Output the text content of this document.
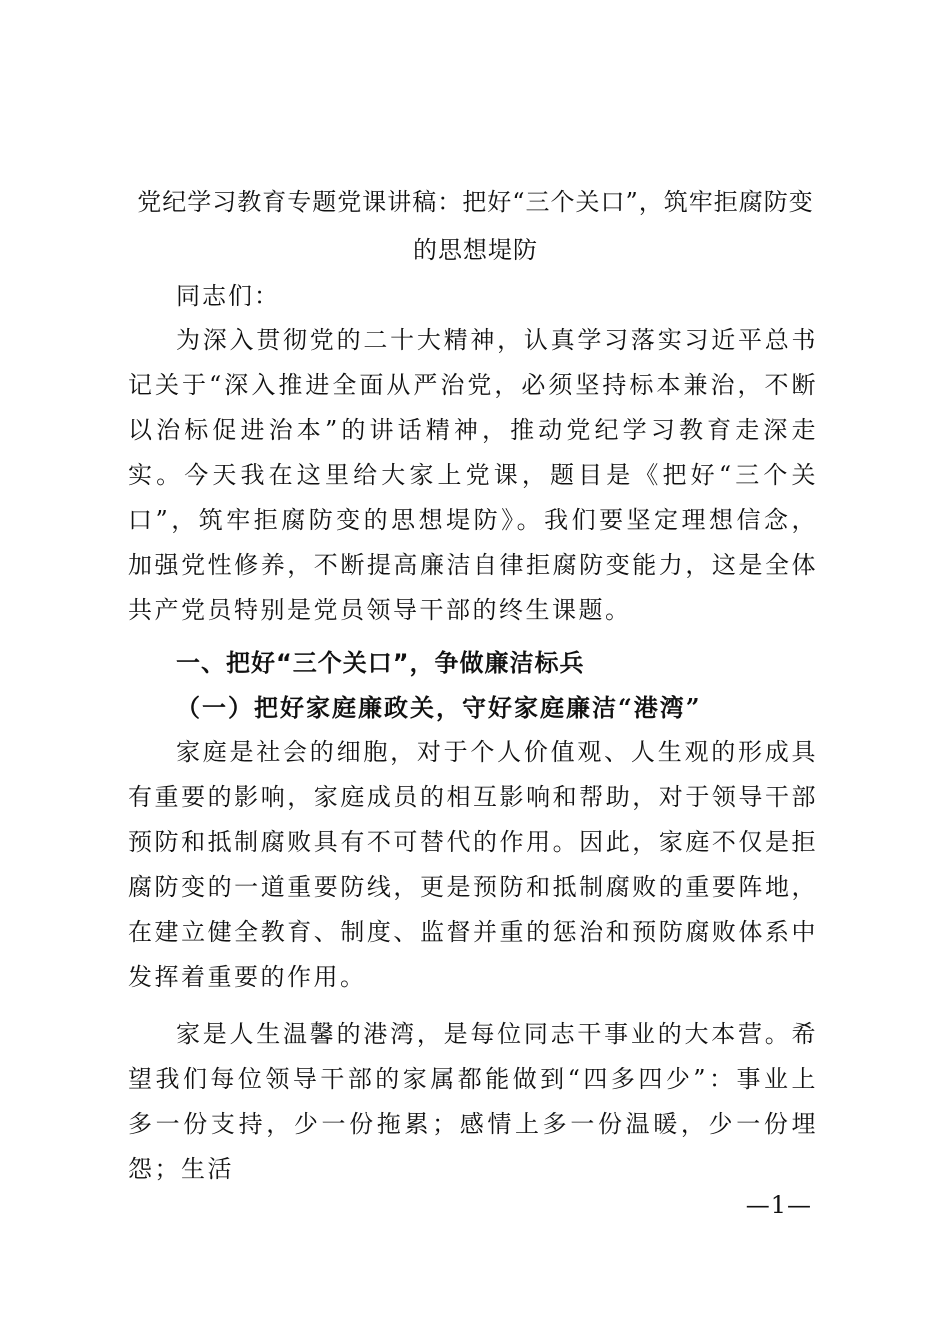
党纪学习教育专题党课讲稿：把好“三个关口”，筑牢拒腐防变的思想堤防
同志们：
为深入贯彻党的二十大精神，认真学习落实习近平总书记关于“深入推进全面从严治党，必须坚持标本兼治，不断以治标促进治本”的讲话精神，推动党纪学习教育走深走实。今天我在这里给大家上党课，题目是《把好“三个关口”，筑牢拒腐防变的思想堤防》。我们要坚定理想信念，加强党性修养，不断提高廉洁自律拒腐防变能力，这是全体共产党员特别是党员领导干部的终生课题。
一、把好“三个关口”，争做廉洁标兵
（一）把好家庭廉政关，守好家庭廉洁“港湾”
家庭是社会的细胞，对于个人价值观、人生观的形成具有重要的影响，家庭成员的相互影响和帮助，对于领导干部预防和抵制腐败具有不可替代的作用。因此，家庭不仅是拒腐防变的一道重要防线，更是预防和抵制腐败的重要阵地，在建立健全教育、制度、监督并重的惩治和预防腐败体系中发挥着重要的作用。
家是人生温馨的港湾，是每位同志干事业的大本营。希望我们每位领导干部的家属都能做到“四多四少”：事业上多一份支持，少一份拖累；感情上多一份温暖，少一份埋怨；生活
—1—
